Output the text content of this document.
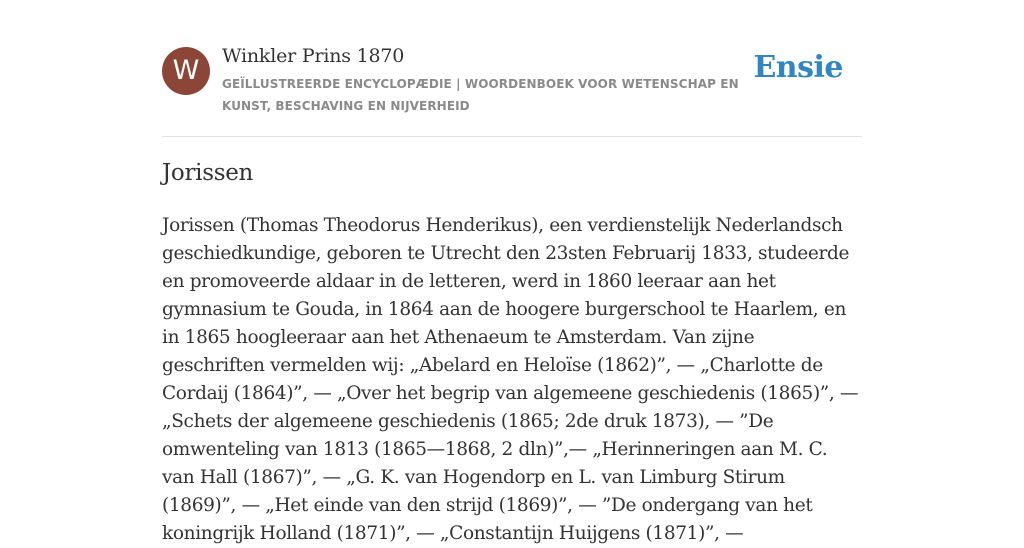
W	Winkler Prins 1870
GEÏLLUSTREERDE ENCYCLOPÆDIE | WOORDENBOEK VOOR WETENSCHAP EN KUNST, BESCHAVING EN NIJVERHEID
Ensie
Jorissen

Jorissen (Thomas Theodorus Henderikus), een verdienstelijk Nederlandsch geschiedkundige, geboren te Utrecht den 23sten Februarij 1833, studeerde en promoveerde aldaar in de letteren, werd in 1860 leeraar aan het gymnasium te Gouda, in 1864 aan de hoogere burgerschool te Haarlem, en in 1865 hoogleeraar aan het Athenaeum te Amsterdam. Van zijne geschriften vermelden wij: „Abelard en Heloïse (1862)”, — „Charlotte de Cordaij (1864)”, — „Over het begrip van algemeene geschiedenis (1865)”, — „Schets der algemeene geschiedenis (1865; 2de druk 1873), — ”De omwenteling van 1813 (1865—1868, 2 dln)”,— „Herinneringen aan M. C. van Hall (1867)”, — „G. K. van Hogendorp en L. van Limburg Stirum (1869)”, — „Het einde van den strijd (1869)”, — ”De ondergang van het koningrijk Holland (1871)”, — „Constantijn Huijgens (1871)”, —
